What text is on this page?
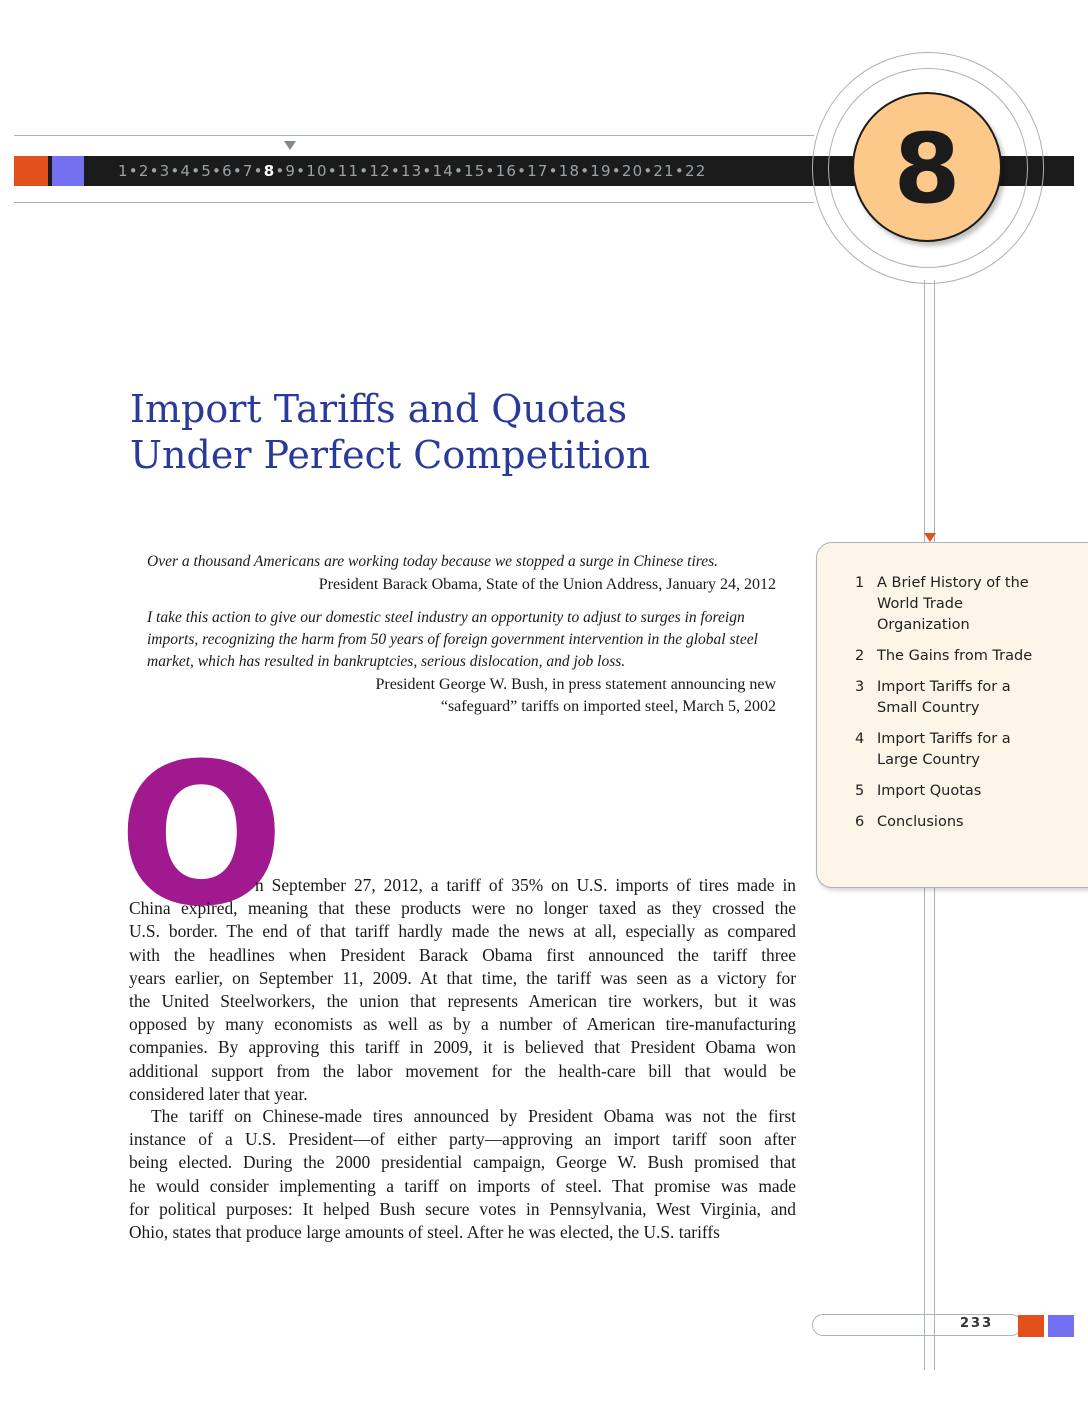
1•2•3•4•5•6•7•8•9•10•11•12•13•14•15•16•17•18•19•20•21•22	8
Import Tariffs and Quotas
Under Perfect Competition
Over a thousand Americans are working today because we stopped a surge in Chinese tires.
President Barack Obama, State of the Union Address, January 24, 2012
I take this action to give our domestic steel industry an opportunity to adjust to surges in foreign imports, recognizing the harm from 50 years of foreign government intervention in the global steel market, which has resulted in bankruptcies, serious dislocation, and job loss.
President George W. Bush, in press statement announcing new
“safeguard” tariffs on imported steel, March 5, 2002
1 A Brief History of the World Trade Organization
2 The Gains from Trade
3 Import Tariffs for a Small Country
4 Import Tariffs for a Large Country
5 Import Quotas
6 Conclusions
O
n September 27, 2012, a tariff of 35% on U.S. imports of tires made in
China expired, meaning that these products were no longer taxed as they crossed the
U.S. border. The end of that tariff hardly made the news at all, especially as compared
with the headlines when President Barack Obama first announced the tariff three
years earlier, on September 11, 2009. At that time, the tariff was seen as a victory for
the United Steelworkers, the union that represents American tire workers, but it was
opposed by many economists as well as by a number of American tire-manufacturing
companies. By approving this tariff in 2009, it is believed that President Obama won
additional support from the labor movement for the health-care bill that would be
considered later that year.
The tariff on Chinese-made tires announced by President Obama was not the first
instance of a U.S. President—of either party—approving an import tariff soon after
being elected. During the 2000 presidential campaign, George W. Bush promised that
he would consider implementing a tariff on imports of steel. That promise was made
for political purposes: It helped Bush secure votes in Pennsylvania, West Virginia, and
Ohio, states that produce large amounts of steel. After he was elected, the U.S. tariffs
233
